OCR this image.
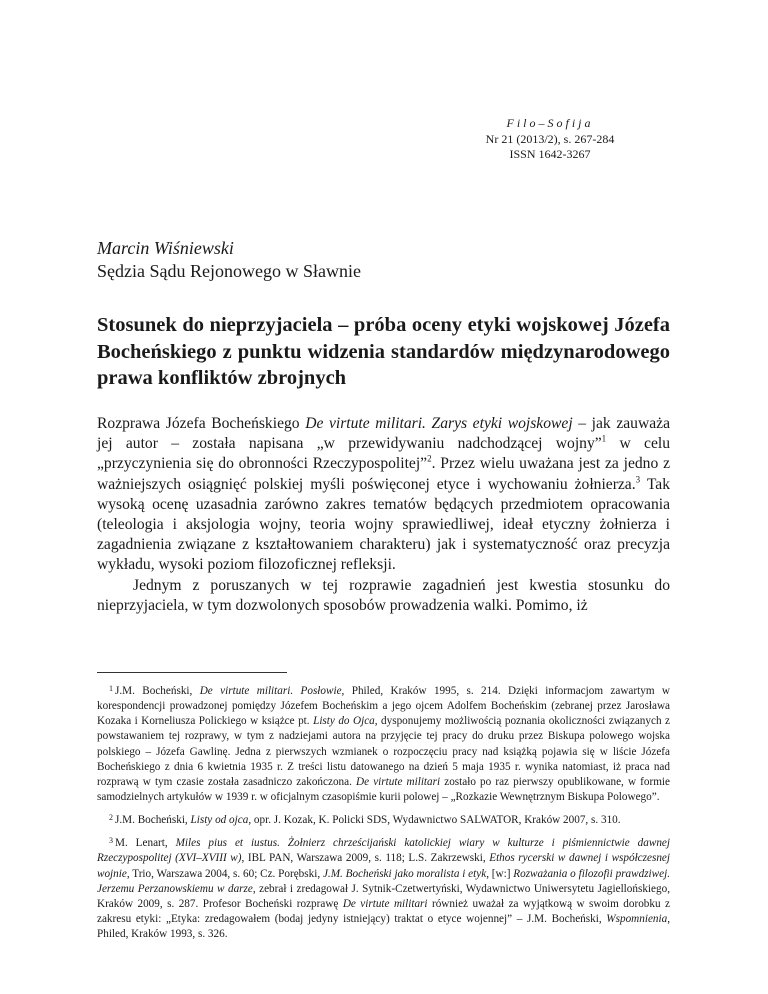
Filo–Sofija
Nr 21 (2013/2), s. 267-284
ISSN 1642-3267
Marcin Wiśniewski
Sędzia Sądu Rejonowego w Sławnie
Stosunek do nieprzyjaciela – próba oceny etyki wojskowej Józefa Bocheńskiego z punktu widzenia standardów międzynarodowego prawa konfliktów zbrojnych

Rozprawa Józefa Bocheńskiego De virtute militari. Zarys etyki wojskowej – jak zauważa jej autor – została napisana „w przewidywaniu nadchodzącej wojny”$^1$ w celu „przyczynienia się do obronności Rzeczypospolitej”$^2$. Przez wielu uważana jest za jedno z ważniejszych osiągnięć polskiej myśli poświęconej etyce i wychowaniu żołnierza.$^3$ Tak wysoką ocenę uzasadnia zarówno zakres tematów będących przedmiotem opracowania (teleologia i aksjologia wojny, teoria wojny sprawiedliwej, ideał etyczny żołnierza i zagadnienia związane z kształtowaniem charakteru) jak i systematyczność oraz precyzja wykładu, wysoki poziom filozoficznej refleksji.

Jednym z poruszanych w tej rozprawie zagadnień jest kwestia stosunku do nieprzyjaciela, w tym dozwolonych sposobów prowadzenia walki. Pomimo, iż

$^1$ J.M. Bocheński, De virtute militari. Posłowie, Philed, Kraków 1995, s. 214. Dzięki informacjom zawartym w korespondencji prowadzonej pomiędzy Józefem Bocheńskim a jego ojcem Adolfem Bocheńskim (zebranej przez Jarosława Kozaka i Korneliusza Polickiego w książce pt. Listy do Ojca, dysponujemy możliwością poznania okoliczności związanych z powstawaniem tej rozprawy, w tym z nadziejami autora na przyjęcie tej pracy do druku przez Biskupa polowego wojska polskiego – Józefa Gawlinę. Jedna z pierwszych wzmianek o rozpoczęciu pracy nad książką pojawia się w liście Józefa Bocheńskiego z dnia 6 kwietnia 1935 r. Z treści listu datowanego na dzień 5 maja 1935 r. wynika natomiast, iż praca nad rozprawą w tym czasie została zasadniczo zakończona. De virtute militari zostało po raz pierwszy opublikowane, w formie samodzielnych artykułów w 1939 r. w oficjalnym czasopiśmie kurii polowej – „Rozkazie Wewnętrznym Biskupa Polowego”.

$^2$ J.M. Bocheński, Listy od ojca, opr. J. Kozak, K. Policki SDS, Wydawnictwo SALWATOR, Kraków 2007, s. 310.

$^3$ M. Lenart, Miles pius et iustus. Żołnierz chrześcijański katolickiej wiary w kulturze i piśmiennictwie dawnej Rzeczypospolitej (XVI–XVIII w), IBL PAN, Warszawa 2009, s. 118; L.S. Zakrzewski, Ethos rycerski w dawnej i współczesnej wojnie, Trio, Warszawa 2004, s. 60; Cz. Porębski, J.M. Bocheński jako moralista i etyk, [w:] Rozważania o filozofii prawdziwej. Jerzemu Perzanowskiemu w darze, zebrał i zredagował J. Sytnik-Czetwertyński, Wydawnictwo Uniwersytetu Jagiellońskiego, Kraków 2009, s. 287. Profesor Bocheński rozprawę De virtute militari również uważał za wyjątkową w swoim dorobku z zakresu etyki: „Etyka: zredagowałem (bodaj jedyny istniejący) traktat o etyce wojennej” – J.M. Bocheński, Wspomnienia, Philed, Kraków 1993, s. 326.
